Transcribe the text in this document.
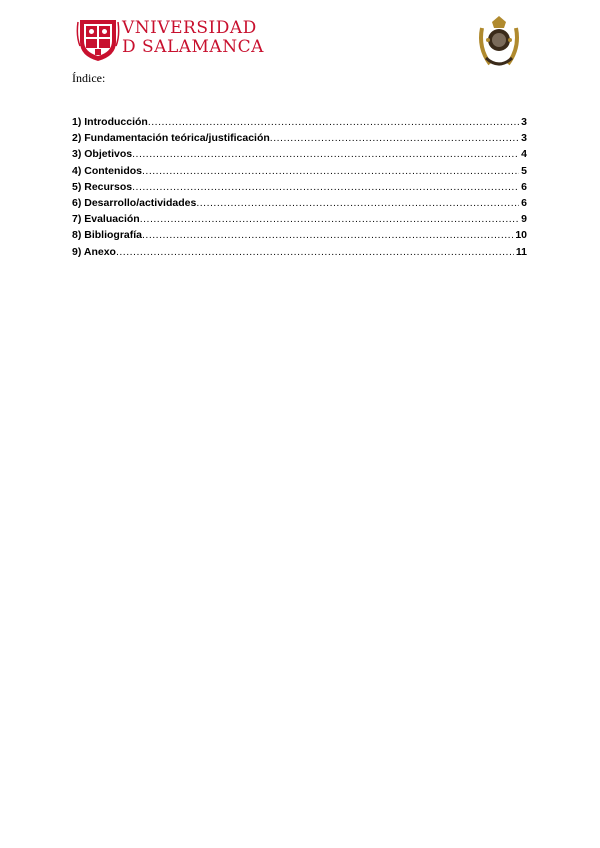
VNIVERSIDAD
D SALAMANCA
Índice:
1) Introducción .....	3
2) Fundamentación teórica/justificación .....	3
3) Objetivos .....	4
4) Contenidos .....	5
5) Recursos .....	6
6) Desarrollo/actividades .....	6
7) Evaluación .....	9
8) Bibliografía .....	10
9) Anexo .....	11
